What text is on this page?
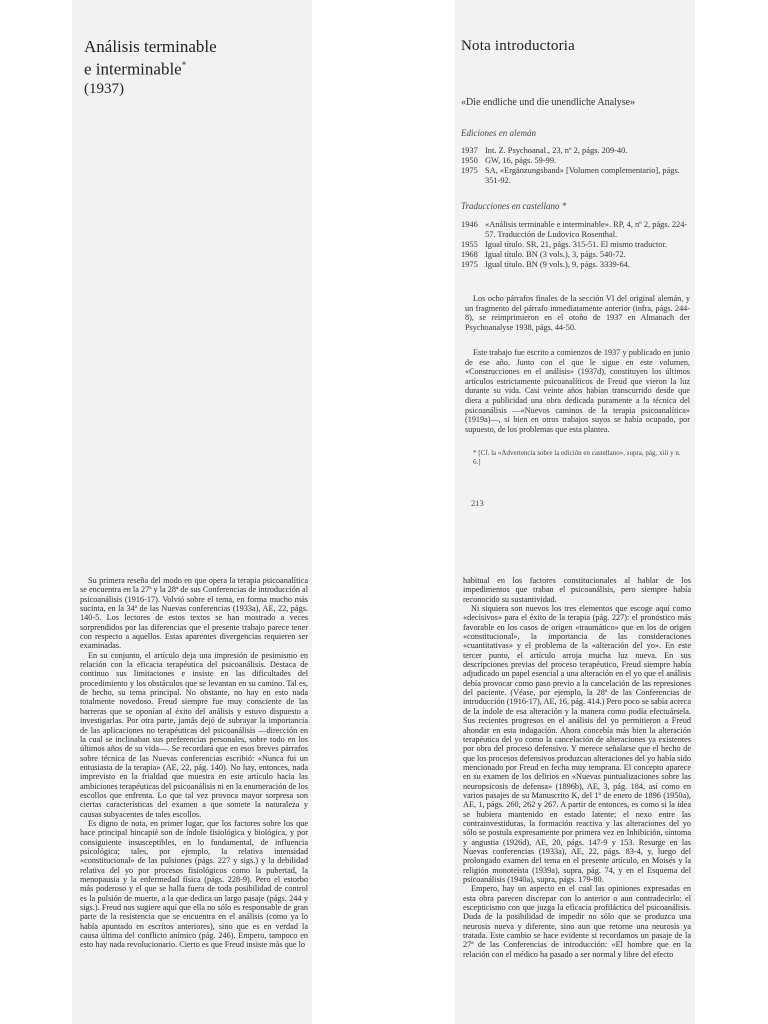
Análisis terminable
e interminable*
(1937)
Nota introductoria
«Die endliche und die unendliche Analyse»
Ediciones en alemán
1937 Int. Z. Psychoanal., 23, nº 2, págs. 209-40.
1950 GW, 16, págs. 59-99.
1975 SA, «Ergänzungsband» [Volumen complementario], págs. 351-92.
Traducciones en castellano *
1946 «Análisis terminable e interminable». RP, 4, nº 2, págs. 224-57. Traducción de Ludovico Rosenthal.
1955 Igual título. SR, 21, págs. 315-51. El mismo traductor.
1968 Igual título. BN (3 vols.), 3, págs. 540-72.
1975 Igual título. BN (9 vols.), 9, págs. 3339-64.
Los ocho párrafos finales de la sección VI del original alemán, y un fragmento del párrafo inmediatamente anterior (infra, págs. 244-8), se reimprimieron en el otoño de 1937 en Almanach der Psychoanalyse 1938, págs. 44-50.
Este trabajo fue escrito a comienzos de 1937 y publicado en junio de ese año. Junto con el que le sigue en este volumen, «Construcciones en el análisis» (1937d), constituyen los últimos artículos estrictamente psicoanalíticos de Freud que vieron la luz durante su vida. Casi veinte años habían transcurrido desde que diera a publicidad una obra dedicada puramente a la técnica del psicoanálisis —«Nuevos caminos de la terapia psicoanalítica» (1919a)—, si bien en otros trabajos suyos se había ocupado, por supuesto, de los problemas que esta plantea.
* [Cf. la «Advertencia sobre la edición en castellano», supra, pág. xiii y n. 6.]
213

Su primera reseña del modo en que opera la terapia psicoanalítica se encuentra en la 27ª y la 28ª de sus Conferencias de introducción al psicoanálisis (1916-17). Volvió sobre el tema, en forma mucho más sucinta, en la 34ª de las Nuevas conferencias (1933a), AE, 22, págs. 140-5. Los lectores de estos textos se han mostrado a veces sorprendidos por las diferencias que el presente trabajo parece tener con respecto a aquellos. Estas aparentes divergencias requieren ser examinadas.

En su conjunto, el artículo deja una impresión de pesimismo en relación con la eficacia terapéutica del psicoanálisis. Destaca de continuo sus limitaciones e insiste en las dificultades del procedimiento y los obstáculos que se levantan en su camino. Tal es, de hecho, su tema principal. No obstante, no hay en esto nada totalmente novedoso. Freud siempre fue muy consciente de las barreras que se oponían al éxito del análisis y estuvo dispuesto a investigarlas. Por otra parte, jamás dejó de subrayar la importancia de las aplicaciones no terapéuticas del psicoanálisis —dirección en la cual se inclinaban sus preferencias personales, sobre todo en los últimos años de su vida—. Se recordará que en esos breves párrafos sobre técnica de las Nuevas conferencias escribió: «Nunca fui un entusiasta de la terapia» (AE, 22, pág. 140). No hay, entonces, nada imprevisto en la frialdad que muestra en este artículo hacia las ambiciones terapéuticas del psicoanálisis ni en la enumeración de los escollos que enfrenta. Lo que tal vez provoca mayor sorpresa son ciertas características del examen a que somete la naturaleza y causas subyacentes de tales escollos.

Es digno de nota, en primer lugar, que los factores sobre los que hace principal hincapié son de índole fisiológica y biológica, y por consiguiente insusceptibles, en lo fundamental, de influencia psicológica; tales, por ejemplo, la relativa intensidad «constitucional» de las pulsiones (págs. 227 y sigs.) y la debilidad relativa del yo por procesos fisiológicos como la pubertad, la menopausia y la enfermedad física (págs. 228-9). Pero el estorbo más poderoso y el que se halla fuera de toda posibilidad de control es la pulsión de muerte, a la que dedica un largo pasaje (págs. 244 y sigs.). Freud nos sugiere aquí que ella no sólo es responsable de gran parte de la resistencia que se encuentra en el análisis (como ya lo había apuntado en escritos anteriores), sino que es en verdad la causa última del conflicto anímico (pág. 246). Empero, tampoco en esto hay nada revolucionario. Cierto es que Freud insiste más que lo

habitual en los factores constitucionales al hablar de los impedimentos que traban el psicoanálisis, pero siempre había reconocido su sustantividad.

Ni siquiera son nuevos los tres elementos que escoge aquí como «decisivos» para el éxito de la terapia (pág. 227): el pronóstico más favorable en los casos de origen «traumático» que en los de origen «constitucional», la importancia de las consideraciones «cuantitativas» y el problema de la «alteración del yo». En este tercer punto, el artículo arroja mucha luz nueva. En sus descripciones previas del proceso terapéutico, Freud siempre había adjudicado un papel esencial a una alteración en el yo que el análisis debía provocar como paso previo a la cancelación de las represiones del paciente. (Véase, por ejemplo, la 28ª de las Conferencias de introducción (1916-17), AE, 16, pág. 414.) Pero poco se sabía acerca de la índole de esa alteración y la manera como podía efectuársela. Sus recientes progresos en el análisis del yo permitieron a Freud ahondar en esta indagación. Ahora concebía más bien la alteración terapéutica del yo como la cancelación de alteraciones ya existentes por obra del proceso defensivo. Y merece señalarse que el hecho de que los procesos defensivos produzcan alteraciones del yo había sido mencionado por Freud en fecha muy temprana. El concepto aparece en su examen de los delirios en «Nuevas puntualizaciones sobre las neuropsicosis de defensa» (1896b), AE, 3, pág. 184, así como en varios pasajes de su Manuscrito K, del 1º de enero de 1896 (1950a), AE, 1, págs. 260, 262 y 267. A partir de entonces, es como si la idea se hubiera mantenido en estado latente; el nexo entre las contrainvestiduras, la formación reactiva y las alteraciones del yo sólo se postula expresamente por primera vez en Inhibición, síntoma y angustia (1926d), AE, 20, págs. 147-9 y 153. Resurge en las Nuevas conferencias (1933a), AE, 22, págs. 83-4, y, luego del prolongado examen del tema en el presente artículo, en Moisés y la religión monoteísta (1939a), supra, pág. 74, y en el Esquema del psicoanálisis (1940a), supra, págs. 179-80.

Empero, hay un aspecto en el cual las opiniones expresadas en esta obra parecen discrepar con lo anterior o aun contradecirlo: el escepticismo con que juzga la eficacia profiláctica del psicoanálisis. Duda de la posibilidad de impedir no sólo que se produzca una neurosis nueva y diferente, sino aun que retorne una neurosis ya tratada. Este cambio se hace evidente si recordamos un pasaje de la 27ª de las Conferencias de introducción: «El hombre que en la relación con el médico ha pasado a ser normal y libre del efecto
